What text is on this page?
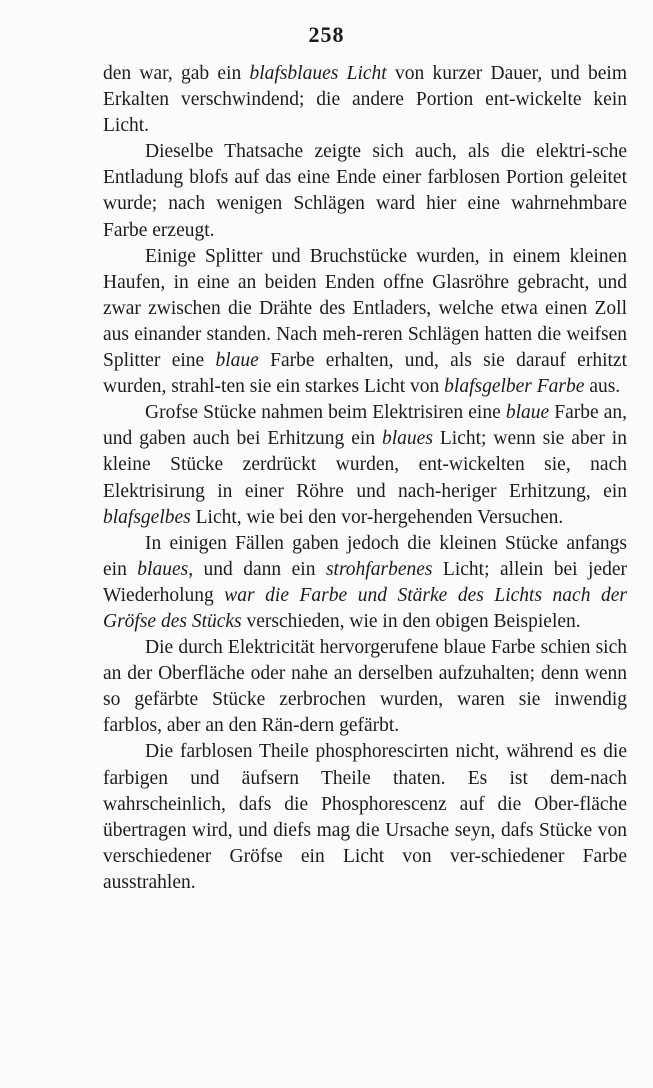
258

den war, gab ein blafsblaues Licht von kurzer Dauer, und beim Erkalten verschwindend; die andere Portion ent-wickelte kein Licht.

Dieselbe Thatsache zeigte sich auch, als die elektri-sche Entladung blofs auf das eine Ende einer farblosen Portion geleitet wurde; nach wenigen Schlägen ward hier eine wahrnehmbare Farbe erzeugt.

Einige Splitter und Bruchstücke wurden, in einem kleinen Haufen, in eine an beiden Enden offne Glasröhre gebracht, und zwar zwischen die Drähte des Entladers, welche etwa einen Zoll aus einander standen. Nach meh-reren Schlägen hatten die weifsen Splitter eine blaue Farbe erhalten, und, als sie darauf erhitzt wurden, strahl-ten sie ein starkes Licht von blafsgelber Farbe aus.

Grofse Stücke nahmen beim Elektrisiren eine blaue Farbe an, und gaben auch bei Erhitzung ein blaues Licht; wenn sie aber in kleine Stücke zerdrückt wurden, ent-wickelten sie, nach Elektrisirung in einer Röhre und nach-heriger Erhitzung, ein blafsgelbes Licht, wie bei den vor-hergehenden Versuchen.

In einigen Fällen gaben jedoch die kleinen Stücke anfangs ein blaues, und dann ein strohfarbenes Licht; allein bei jeder Wiederholung war die Farbe und Stärke des Lichts nach der Gröfse des Stücks verschieden, wie in den obigen Beispielen.

Die durch Elektricität hervorgerufene blaue Farbe schien sich an der Oberfläche oder nahe an derselben aufzuhalten; denn wenn so gefärbte Stücke zerbrochen wurden, waren sie inwendig farblos, aber an den Rän-dern gefärbt.

Die farblosen Theile phosphorescirten nicht, während es die farbigen und äufsern Theile thaten. Es ist dem-nach wahrscheinlich, dafs die Phosphorescenz auf die Ober-fläche übertragen wird, und diefs mag die Ursache seyn, dafs Stücke von verschiedener Gröfse ein Licht von ver-schiedener Farbe ausstrahlen.
